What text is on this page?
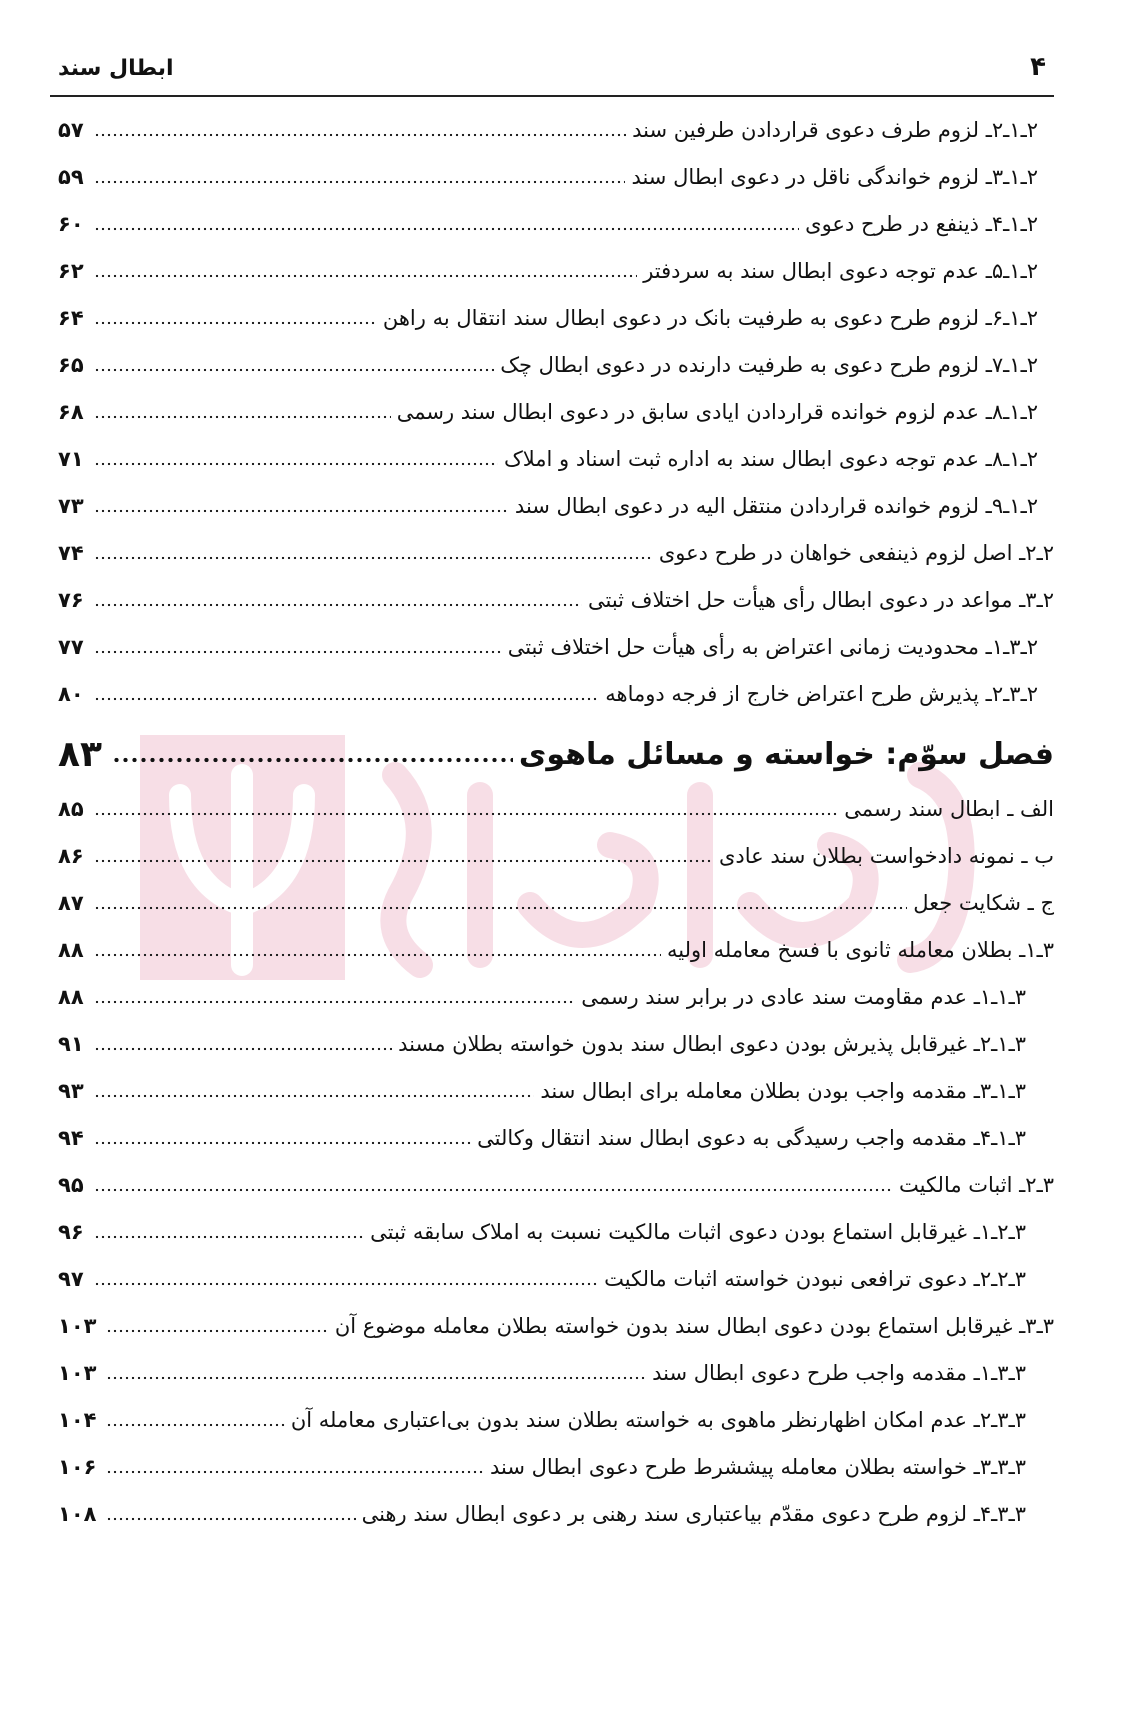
ابطال سند	۴
۵۷	۲ـ۱ـ۲ـ لزوم طرف دعوی قراردادن طرفین سند
۵۹	۲ـ۱ـ۳ـ لزوم خواندگی ناقل در دعوی ابطال سند
۶۰	۲ـ۱ـ۴ـ ذینفع در طرح دعوی
۶۲	۲ـ۱ـ۵ـ عدم توجه دعوی ابطال سند به سردفتر
۶۴	۲ـ۱ـ۶ـ لزوم طرح دعوی به طرفیت بانک در دعوی ابطال سند انتقال به راهن
۶۵	۲ـ۱ـ۷ـ لزوم طرح دعوی به طرفیت دارنده در دعوی ابطال چک
۶۸	۲ـ۱ـ۸ـ عدم لزوم خوانده قراردادن ایادی سابق در دعوی ابطال سند رسمی
۷۱	۲ـ۱ـ۸ـ عدم توجه دعوی ابطال سند به اداره ثبت اسناد و املاک
۷۳	۲ـ۱ـ۹ـ لزوم خوانده قراردادن منتقل الیه در دعوی ابطال سند
۷۴	۲ـ۲ـ اصل لزوم ذینفعی خواهان در طرح دعوی
۷۶	۲ـ۳ـ مواعد در دعوی ابطال رأی هیأت حل اختلاف ثبتی
۷۷	۲ـ۳ـ۱ـ محدودیت زمانی اعتراض به رأی هیأت حل اختلاف ثبتی
۸۰	۲ـ۳ـ۲ـ پذیرش طرح اعتراض خارج از فرجه دوماهه
۸۳	فصل سوّم: خواسته و مسائل ماهوی
۸۵	الف ـ ابطال سند رسمی
۸۶	ب ـ نمونه دادخواست بطلان سند عادی
۸۷	ج ـ شکایت جعل
۸۸	۳ـ۱ـ بطلان معامله ثانوی با فسخ معامله اولیه
۸۸	۳ـ۱ـ۱ـ عدم مقاومت سند عادی در برابر سند رسمی
۹۱	۳ـ۱ـ۲ـ غیرقابل پذیرش بودن دعوی ابطال سند بدون خواسته بطلان مسند
۹۳	۳ـ۱ـ۳ـ مقدمه واجب بودن بطلان معامله برای ابطال سند
۹۴	۳ـ۱ـ۴ـ مقدمه واجب رسیدگی به دعوی ابطال سند انتقال وکالتی
۹۵	۳ـ۲ـ اثبات مالکیت
۹۶	۳ـ۲ـ۱ـ غیرقابل استماع بودن دعوی اثبات مالکیت نسبت به املاک سابقه ثبتی
۹۷	۳ـ۲ـ۲ـ دعوی ترافعی نبودن خواسته اثبات مالکیت
۱۰۳	۳ـ۳ـ غیرقابل استماع بودن دعوی ابطال سند بدون خواسته بطلان معامله موضوع آن
۱۰۳	۳ـ۳ـ۱ـ مقدمه واجب طرح دعوی ابطال سند
۱۰۴	۳ـ۳ـ۲ـ عدم امکان اظهارنظر ماهوی به خواسته بطلان سند بدون بی‌اعتباری معامله آن
۱۰۶	۳ـ۳ـ۳ـ خواسته بطلان معامله پیششرط طرح دعوی ابطال سند
۱۰۸	۳ـ۳ـ۴ـ لزوم طرح دعوی مقدّم بیاعتباری سند رهنی بر دعوی ابطال سند رهنی
